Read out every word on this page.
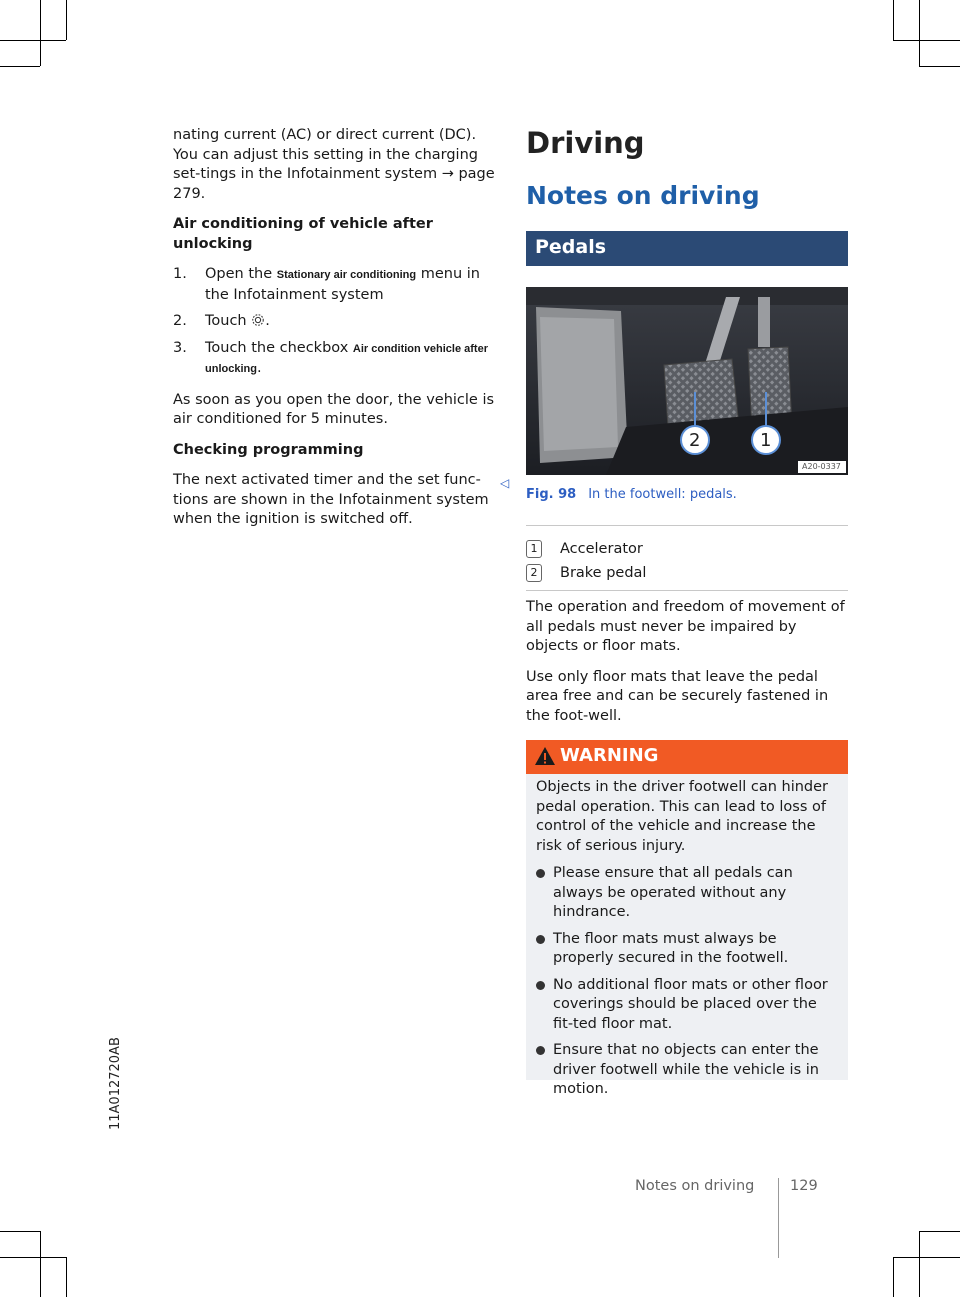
nating current (AC) or direct current (DC). You can adjust this setting in the charging set-tings in the Infotainment system → page 279.

Air conditioning of vehicle after unlocking

1. Open the Stationary air conditioning menu in the Infotainment system
2. Touch .
3. Touch the checkbox Air condition vehicle after unlocking.

As soon as you open the door, the vehicle is air conditioned for 5 minutes.

Checking programming

The next activated timer and the set func-tions are shown in the Infotainment system when the ignition is switched off.

◁
Driving
Notes on driving
Pedals
2	1
A20-0337
Fig. 98 In the footwell: pedals.
1 Accelerator
2 Brake pedal

The operation and freedom of movement of all pedals must never be impaired by objects or floor mats.

Use only floor mats that leave the pedal area free and can be securely fastened in the foot-well.

WARNING

Objects in the driver footwell can hinder pedal operation. This can lead to loss of control of the vehicle and increase the risk of serious injury.

Please ensure that all pedals can always be operated without any hindrance.
The floor mats must always be properly secured in the footwell.
No additional floor mats or other floor coverings should be placed over the fit-ted floor mat.
Ensure that no objects can enter the driver footwell while the vehicle is in motion.
11A012720AB
Notes on driving 129
